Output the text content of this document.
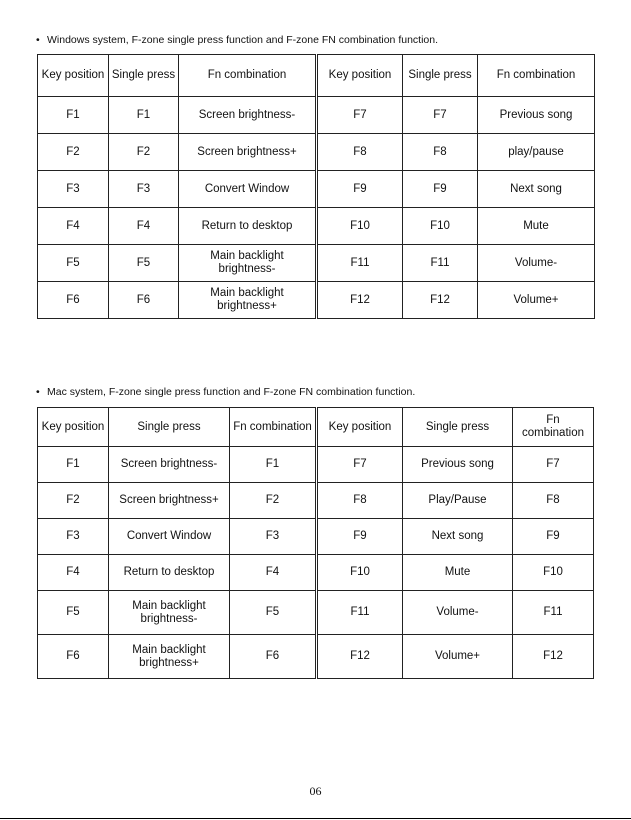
• Windows system, F-zone single press function and F-zone FN combination function.
Key position	Single press	Fn combination
F1	F1	Screen brightness-
F2	F2	Screen brightness+
F3	F3	Convert Window
F4	F4	Return to desktop
F5	F5	Main backlight brightness-
F6	F6	Main backlight brightness+
Key position	Single press	Fn combination
F7	F7	Previous song
F8	F8	play/pause
F9	F9	Next song
F10	F10	Mute
F11	F11	Volume-
F12	F12	Volume+
• Mac system, F-zone single press function and F-zone FN combination function.
Key position	Single press	Fn combination
F1	Screen brightness-	F1
F2	Screen brightness+	F2
F3	Convert Window	F3
F4	Return to desktop	F4
F5	Main backlight brightness-	F5
F6	Main backlight brightness+	F6
Key position	Single press	Fn combination
F7	Previous song	F7
F8	Play/Pause	F8
F9	Next song	F9
F10	Mute	F10
F11	Volume-	F11
F12	Volume+	F12
06
